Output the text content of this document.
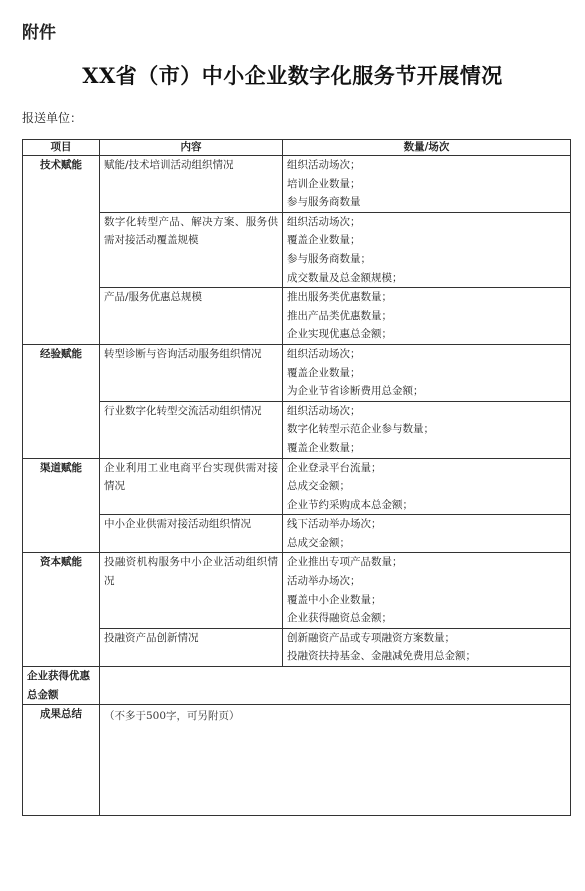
附件
XX省（市）中小企业数字化服务节开展情况
报送单位：
项目	内容	数量/场次
技术赋能	赋能/技术培训活动组织情况	组织活动场次；
培训企业数量；
参与服务商数量

	数字化转型产品、解决方案、服务供需对接活动覆盖规模	组织活动场次；
覆盖企业数量；
参与服务商数量；
成交数量及总金额规模；

	产品/服务优惠总规模	推出服务类优惠数量；
推出产品类优惠数量；
企业实现优惠总金额；

经验赋能	转型诊断与咨询活动服务组织情况	组织活动场次；
覆盖企业数量；
为企业节省诊断费用总金额；

	行业数字化转型交流活动组织情况	组织活动场次；
数字化转型示范企业参与数量；
覆盖企业数量；

渠道赋能	企业利用工业电商平台实现供需对接情况	企业登录平台流量；
总成交金额；
企业节约采购成本总金额；

	中小企业供需对接活动组织情况	线下活动举办场次；
总成交金额；

资本赋能	投融资机构服务中小企业活动组织情况	企业推出专项产品数量；
活动举办场次；
覆盖中小企业数量；
企业获得融资总金额；

	投融资产品创新情况	创新融资产品或专项融资方案数量；
投融资扶持基金、金融减免费用总金额；

企业获得优惠总金额		
成果总结	（不多于500字，可另附页）	
